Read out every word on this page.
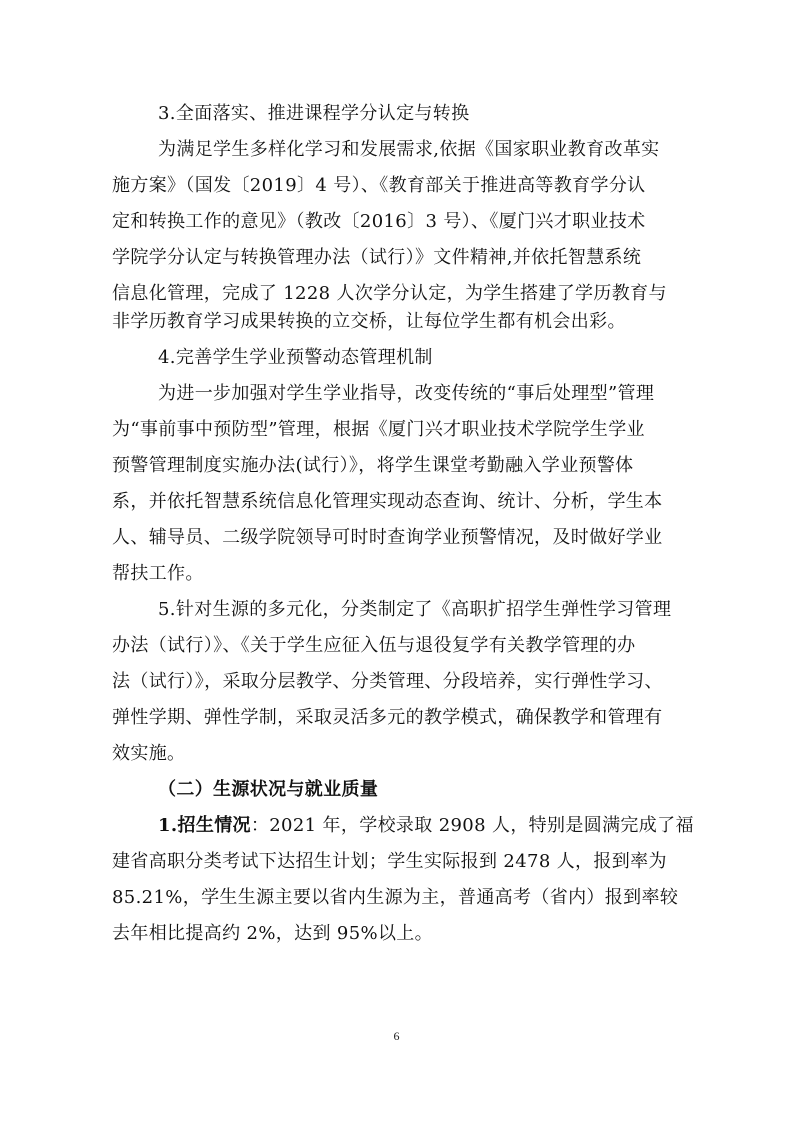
3.全面落实、推进课程学分认定与转换
为满足学生多样化学习和发展需求,依据《国家职业教育改革实
施方案》（国发〔2019〕4 号）、《教育部关于推进高等教育学分认
定和转换工作的意见》（教改〔2016〕3 号）、《厦门兴才职业技术
学院学分认定与转换管理办法（试行）》文件精神,并依托智慧系统
信息化管理，完成了 1228 人次学分认定，为学生搭建了学历教育与
非学历教育学习成果转换的立交桥，让每位学生都有机会出彩。
4.完善学生学业预警动态管理机制
为进一步加强对学生学业指导，改变传统的“事后处理型”管理
为“事前事中预防型”管理，根据《厦门兴才职业技术学院学生学业
预警管理制度实施办法(试行）》，将学生课堂考勤融入学业预警体
系，并依托智慧系统信息化管理实现动态查询、统计、分析，学生本
人、辅导员、二级学院领导可时时查询学业预警情况，及时做好学业
帮扶工作。
5.针对生源的多元化，分类制定了《高职扩招学生弹性学习管理
办法（试行）》、《关于学生应征入伍与退役复学有关教学管理的办
法（试行）》，采取分层教学、分类管理、分段培养，实行弹性学习、
弹性学期、弹性学制，采取灵活多元的教学模式，确保教学和管理有
效实施。
（二）生源状况与就业质量
1.招生情况：2021 年，学校录取 2908 人，特别是圆满完成了福
建省高职分类考试下达招生计划；学生实际报到 2478 人，报到率为
85.21%，学生生源主要以省内生源为主，普通高考（省内）报到率较
去年相比提高约 2%，达到 95%以上。
6
